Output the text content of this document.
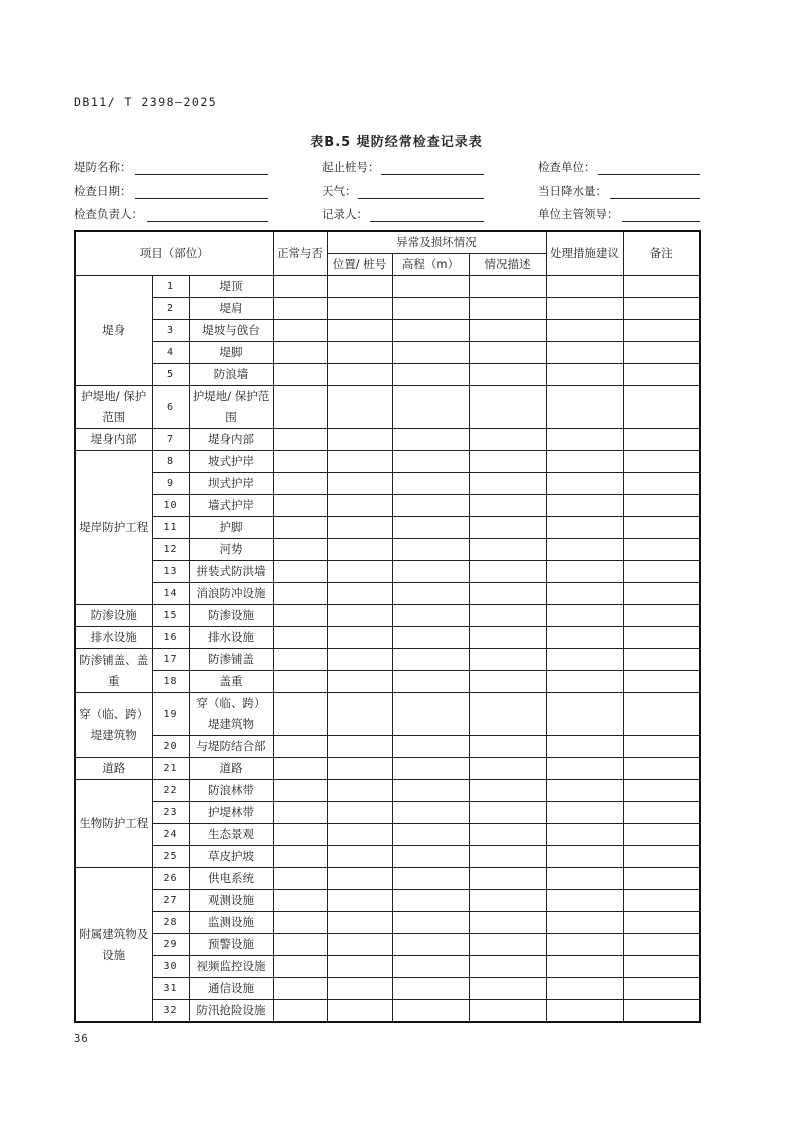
DB11/ T 2398—2025
表B.5 堤防经常检查记录表
堤防名称：	起止桩号：	检查单位：
检查日期：	天气：	当日降水量：
检查负责人：	记录人：	单位主管领导：
项目（部位）			正常与否	异常及损坏情况			处理措施建议	备注
				位置/ 桩号	高程（m）	情况描述		
堤身	1	堤顶						
	2	堤肩						
	3	堤坡与戗台						
	4	堤脚						
	5	防浪墙						
护堤地/ 保护范围	6	护堤地/ 保护范围						
堤身内部	7	堤身内部						
堤岸防护工程	8	坡式护岸						
	9	坝式护岸						
	10	墙式护岸						
	11	护脚						
	12	河势						
	13	拼装式防洪墙						
	14	消浪防冲设施						
防渗设施	15	防渗设施						
排水设施	16	排水设施						
防渗铺盖、盖重	17	防渗铺盖						
	18	盖重						
穿（临、跨）堤建筑物	19	穿（临、跨）堤建筑物						
	20	与堤防结合部						
道路	21	道路						
生物防护工程	22	防浪林带						
	23	护堤林带						
	24	生态景观						
	25	草皮护坡						
附属建筑物及设施	26	供电系统						
	27	观测设施						
	28	监测设施						
	29	预警设施						
	30	视频监控设施						
	31	通信设施						
	32	防汛抢险设施						
36
